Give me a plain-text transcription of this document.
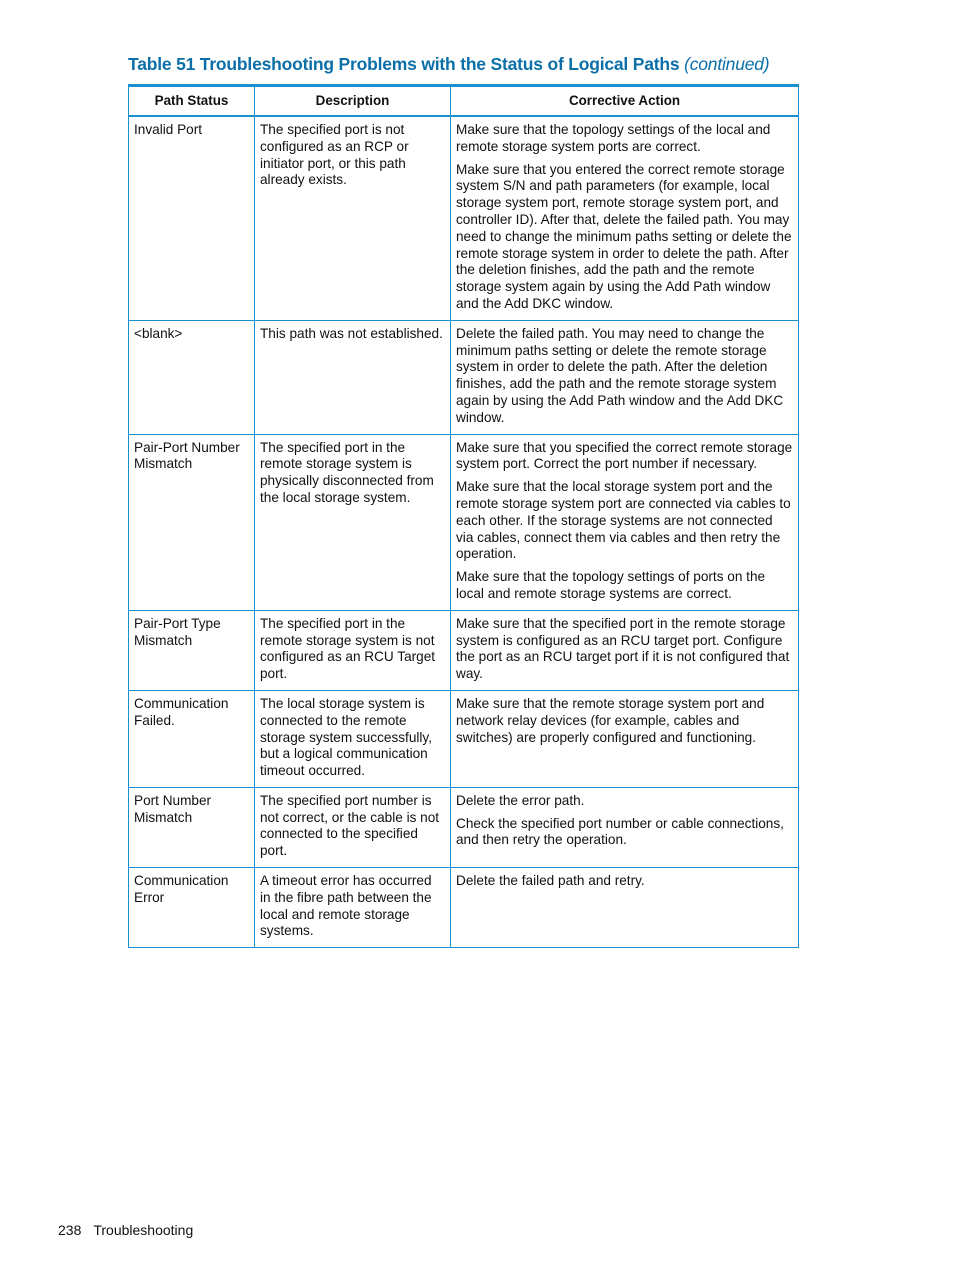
Table 51 Troubleshooting Problems with the Status of Logical Paths (continued)
Path Status	Description	Corrective Action
Invalid Port	The specified port is not configured as an RCP or initiator port, or this path already exists.	Make sure that the topology settings of the local and remote storage system ports are correct.

Make sure that you entered the correct remote storage system S/N and path parameters (for example, local storage system port, remote storage system port, and controller ID). After that, delete the failed path. You may need to change the minimum paths setting or delete the remote storage system in order to delete the path. After the deletion finishes, add the path and the remote storage system again by using the Add Path window and the Add DKC window.

<blank>	This path was not established.	Delete the failed path. You may need to change the minimum paths setting or delete the remote storage system in order to delete the path. After the deletion finishes, add the path and the remote storage system again by using the Add Path window and the Add DKC window.

Pair-Port Number Mismatch	The specified port in the remote storage system is physically disconnected from the local storage system.	Make sure that you specified the correct remote storage system port. Correct the port number if necessary.

Make sure that the local storage system port and the remote storage system port are connected via cables to each other. If the storage systems are not connected via cables, connect them via cables and then retry the operation.

Make sure that the topology settings of ports on the local and remote storage systems are correct.

Pair-Port Type Mismatch	The specified port in the remote storage system is not configured as an RCU Target port.	Make sure that the specified port in the remote storage system is configured as an RCU target port. Configure the port as an RCU target port if it is not configured that way.

Communication Failed.	The local storage system is connected to the remote storage system successfully, but a logical communication timeout occurred.	Make sure that the remote storage system port and network relay devices (for example, cables and switches) are properly configured and functioning.

Port Number Mismatch	The specified port number is not correct, or the cable is not connected to the specified port.	Delete the error path.

Check the specified port number or cable connections, and then retry the operation.

Communication Error	A timeout error has occurred in the fibre path between the local and remote storage systems.	Delete the failed path and retry.

238 Troubleshooting
